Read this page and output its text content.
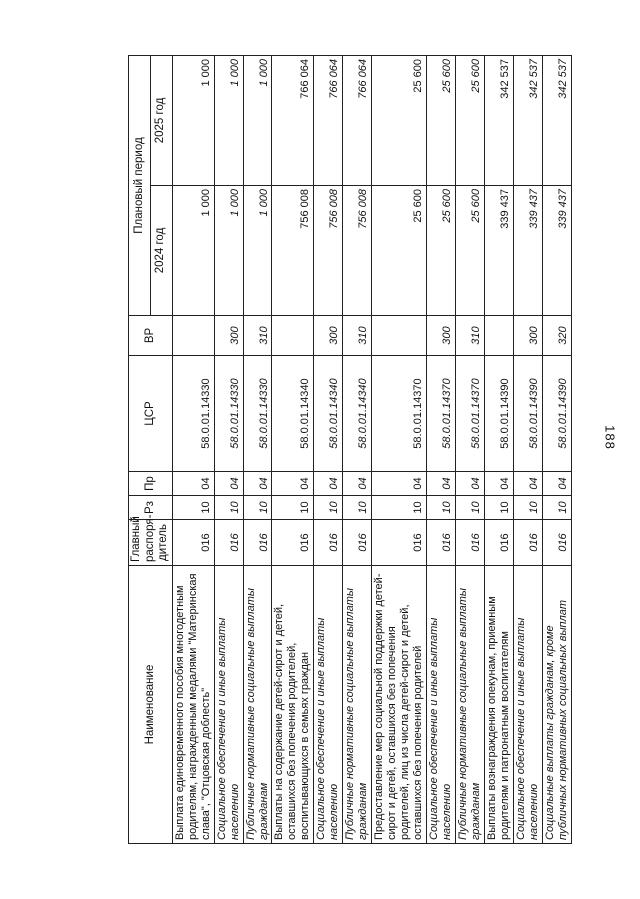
188
Наименование	Главный распоря-дитель	Рз	Пр	ЦСР	ВР	Плановый период	
						2024 год	2025 год
Выплата единовременного пособия многодетным родителям, награжденным медалями "Материнская слава", "Отцовская доблесть"	016	10	04	58.0.01.14330		1 000	1 000
Социальное обеспечение и иные выплаты населению	016	10	04	58.0.01.14330	300	1 000	1 000
Публичные нормативные социальные выплаты гражданам	016	10	04	58.0.01.14330	310	1 000	1 000
Выплаты на содержание детей-сирот и детей, оставшихся без попечения родителей, воспитывающихся в семьях граждан	016	10	04	58.0.01.14340		756 008	766 064
Социальное обеспечение и иные выплаты населению	016	10	04	58.0.01.14340	300	756 008	766 064
Публичные нормативные социальные выплаты гражданам	016	10	04	58.0.01.14340	310	756 008	766 064
Предоставление мер социальной поддержки детей-сирот и детей, оставшихся без попечения родителей, лиц из числа детей-сирот и детей, оставшихся без попечения родителей	016	10	04	58.0.01.14370		25 600	25 600
Социальное обеспечение и иные выплаты населению	016	10	04	58.0.01.14370	300	25 600	25 600
Публичные нормативные социальные выплаты гражданам	016	10	04	58.0.01.14370	310	25 600	25 600
Выплаты вознаграждения опекунам, приемным родителям и патронатным воспитателям	016	10	04	58.0.01.14390		339 437	342 537
Социальное обеспечение и иные выплаты населению	016	10	04	58.0.01.14390	300	339 437	342 537
Социальные выплаты гражданам, кроме публичных нормативных социальных выплат	016	10	04	58.0.01.14390	320	339 437	342 537
